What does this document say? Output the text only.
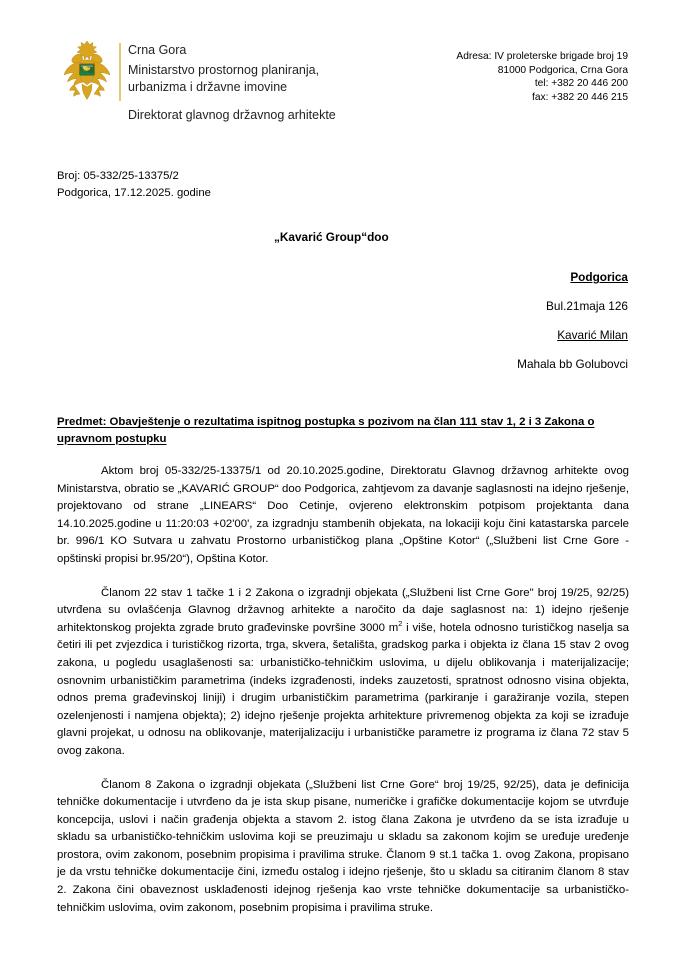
Crna Gora
Ministarstvo prostornog planiranja,
urbanizma i državne imovine
Direktorat glavnog državnog arhitekte
Adresa: IV proleterske brigade broj 19
81000 Podgorica, Crna Gora
tel: +382 20 446 200
fax: +382 20 446 215
Broj: 05-332/25-13375/2
Podgorica, 17.12.2025. godine
„Kavarić Group“doo
Podgorica
Bul.21maja 126
Kavarić Milan
Mahala bb Golubovci
Predmet: Obavještenje o rezultatima ispitnog postupka s pozivom na član 111 stav 1, 2 i 3 Zakona o upravnom postupku

Aktom broj 05-332/25-13375/1 od 20.10.2025.godine, Direktoratu Glavnog državnog arhitekte ovog Ministarstva, obratio se „KAVARIĆ GROUP“ doo Podgorica, zahtjevom za davanje saglasnosti na idejno rješenje, projektovano od strane „LINEARS“ Doo Cetinje, ovjereno elektronskim potpisom projektanta dana 14.10.2025.godine u 11:20:03 +02'00', za izgradnju stambenih objekata, na lokaciji koju čini katastarska parcele br. 996/1 KO Sutvara u zahvatu Prostorno urbanističkog plana „Opštine Kotor“ („Službeni list Crne Gore - opštinski propisi br.95/20“), Opština Kotor.

Članom 22 stav 1 tačke 1 i 2 Zakona o izgradnji objekata („Službeni list Crne Gore" broj 19/25, 92/25) utvrđena su ovlašćenja Glavnog državnog arhitekte a naročito da daje saglasnost na: 1) idejno rješenje arhitektonskog projekta zgrade bruto građevinske površine 3000 $m^2$ i više, hotela odnosno turističkog naselja sa četiri ili pet zvjezdica i turističkog rizorta, trga, skvera, šetališta, gradskog parka i objekta iz člana 15 stav 2 ovog zakona, u pogledu usaglašenosti sa: urbanističko-tehničkim uslovima, u dijelu oblikovanja i materijalizacije; osnovnim urbanističkim parametrima (indeks izgrađenosti, indeks zauzetosti, spratnost odnosno visina objekta, odnos prema građevinskoj liniji) i drugim urbanističkim parametrima (parkiranje i garažiranje vozila, stepen ozelenjenosti i namjena objekta); 2) idejno rješenje projekta arhitekture privremenog objekta za koji se izrađuje glavni projekat, u odnosu na oblikovanje, materijalizaciju i urbanističke parametre iz programa iz člana 72 stav 5 ovog zakona.

Članom 8 Zakona o izgradnji objekata („Službeni list Crne Gore“ broj 19/25, 92/25), data je definicija tehničke dokumentacije i utvrđeno da je ista skup pisane, numeričke i grafičke dokumentacije kojom se utvrđuje koncepcija, uslovi i način građenja objekta a stavom 2. istog člana Zakona je utvrđeno da se ista izrađuje u skladu sa urbanističko-tehničkim uslovima koji se preuzimaju u skladu sa zakonom kojim se uređuje uređenje prostora, ovim zakonom, posebnim propisima i pravilima struke. Članom 9 st.1 tačka 1. ovog Zakona, propisano je da vrstu tehničke dokumentacije čini, između ostalog i idejno rješenje, što u skladu sa citiranim članom 8 stav 2. Zakona čini obaveznost usklađenosti idejnog rješenja kao vrste tehničke dokumentacije sa urbanističko-tehničkim uslovima, ovim zakonom, posebnim propisima i pravilima struke.
